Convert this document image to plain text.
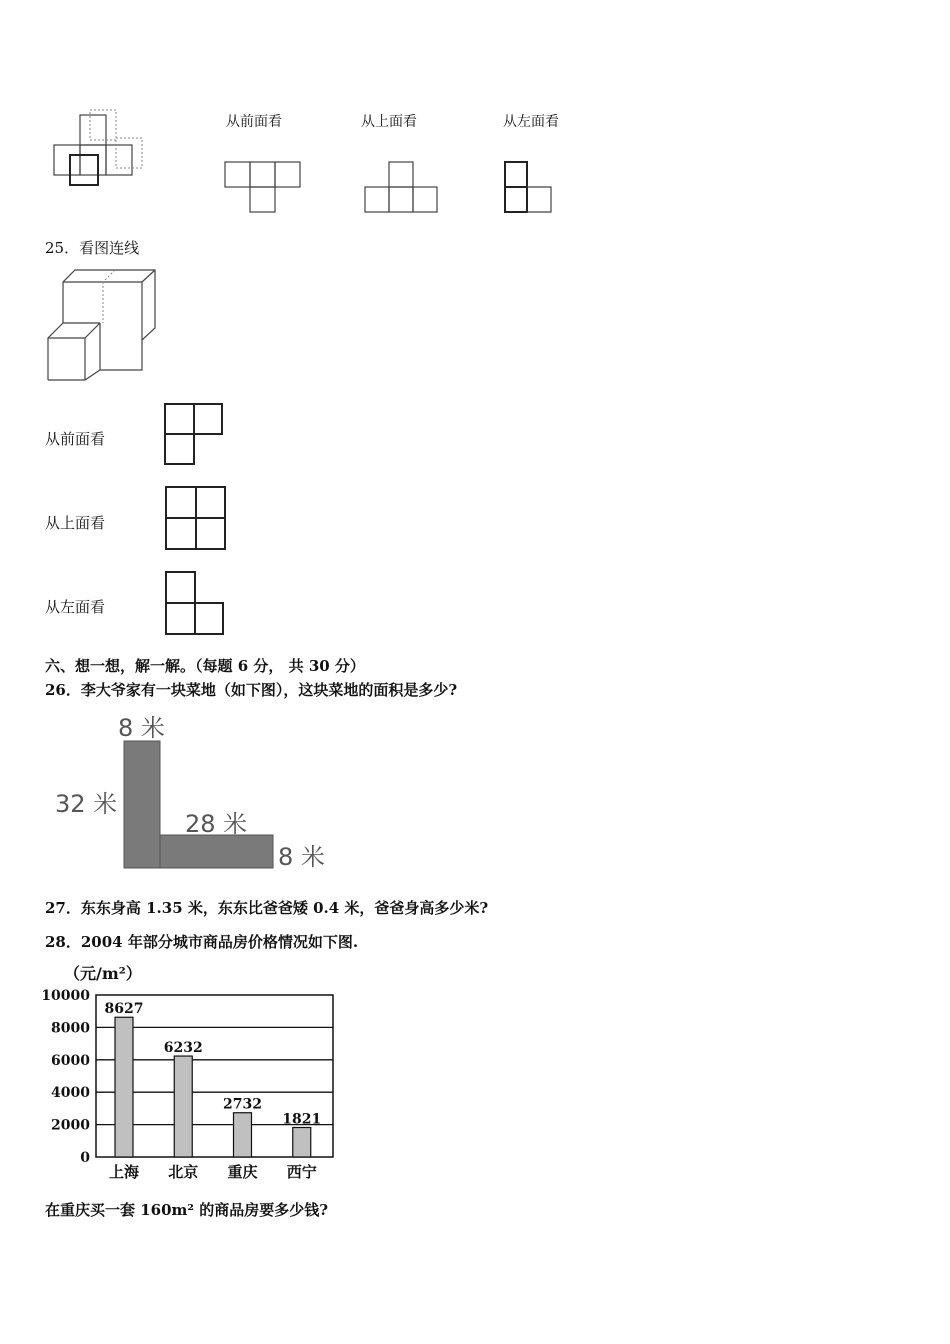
从前面看	从上面看	从左面看
25．看图连线
从前面看
从上面看
从左面看
六、想一想，解一解。（每题 6 分， 共 30 分）
26．李大爷家有一块菜地（如下图），这块菜地的面积是多少?
8 米
32 米
28 米
8 米
27．东东身高 1.35 米，东东比爸爸矮 0.4 米，爸爸身高多少米?
28．2004 年部分城市商品房价格情况如下图.
（元/m²）
0
2000
4000
6000
8000
10000
8627
上海
6232
北京
2732
重庆
1821
西宁
在重庆买一套 160m² 的商品房要多少钱?
